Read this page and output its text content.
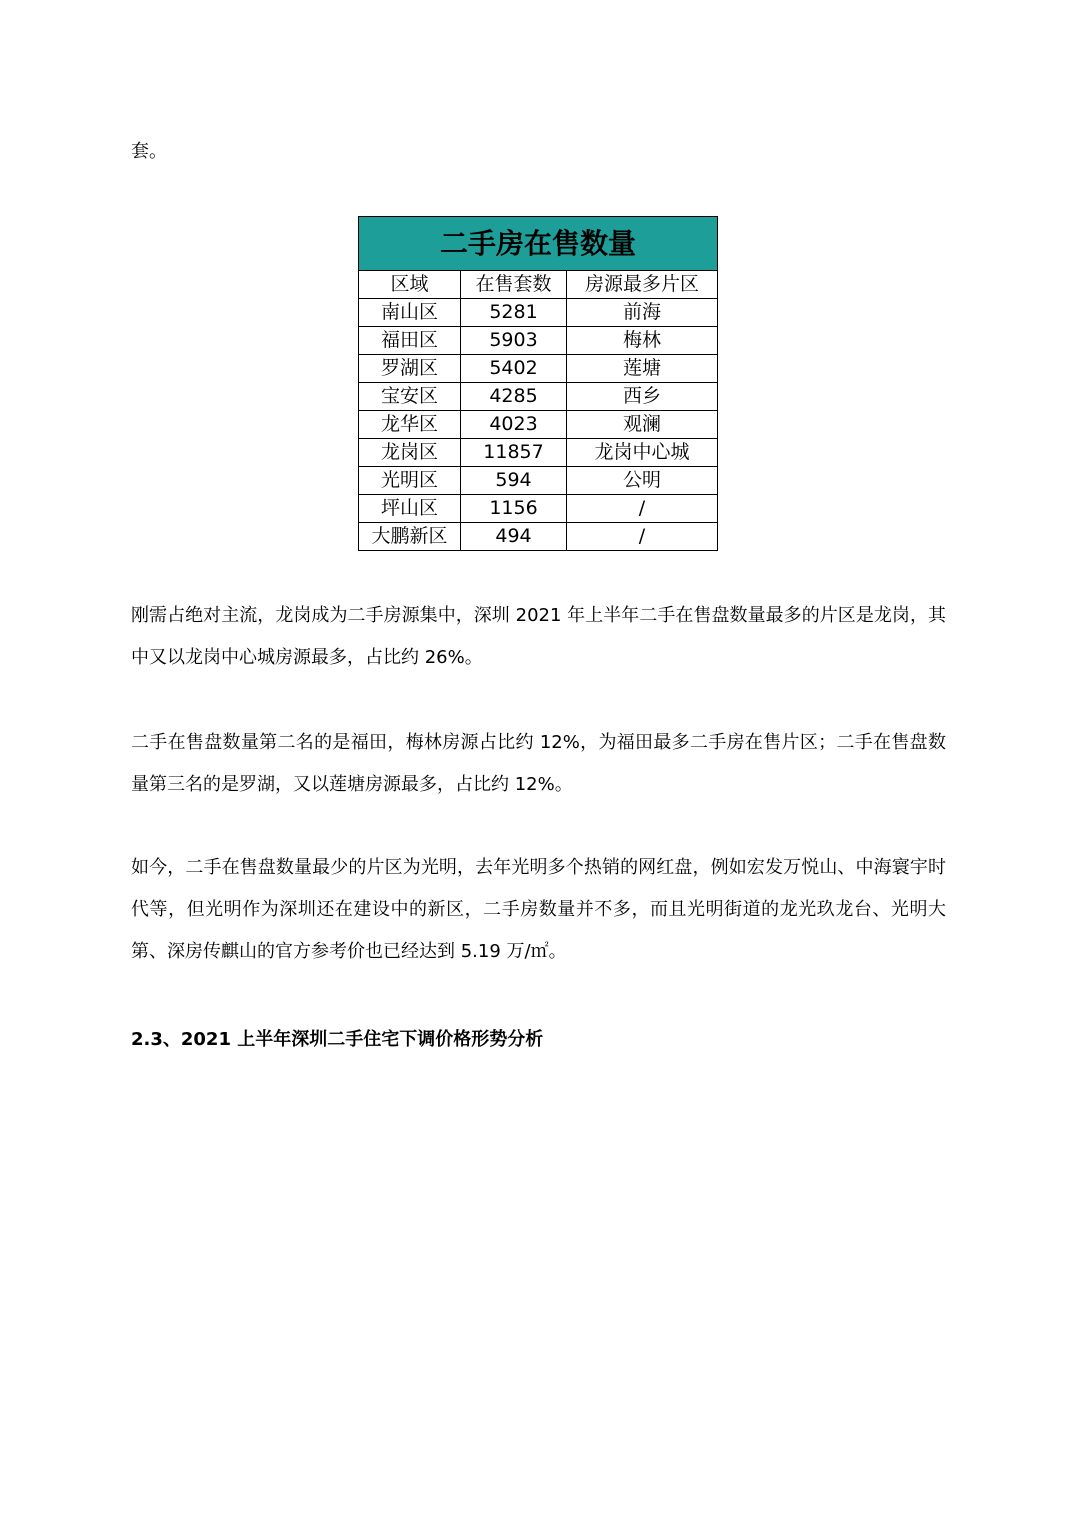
套。
二手房在售数量		
区域	在售套数	房源最多片区
南山区	5281	前海
福田区	5903	梅林
罗湖区	5402	莲塘
宝安区	4285	西乡
龙华区	4023	观澜
龙岗区	11857	龙岗中心城
光明区	594	公明
坪山区	1156	/
大鹏新区	494	/

刚需占绝对主流，龙岗成为二手房源集中，深圳 2021 年上半年二手在售盘数量最多的片区是龙岗，其中又以龙岗中心城房源最多，占比约 26%。

二手在售盘数量第二名的是福田，梅林房源占比约 12%，为福田最多二手房在售片区；二手在售盘数量第三名的是罗湖，又以莲塘房源最多，占比约 12%。

如今，二手在售盘数量最少的片区为光明，去年光明多个热销的网红盘，例如宏发万悦山、中海寰宇时代等，但光明作为深圳还在建设中的新区，二手房数量并不多，而且光明街道的龙光玖龙台、光明大第、深房传麒山的官方参考价也已经达到 5.19 万/㎡。

2.3、2021 上半年深圳二手住宅下调价格形势分析
